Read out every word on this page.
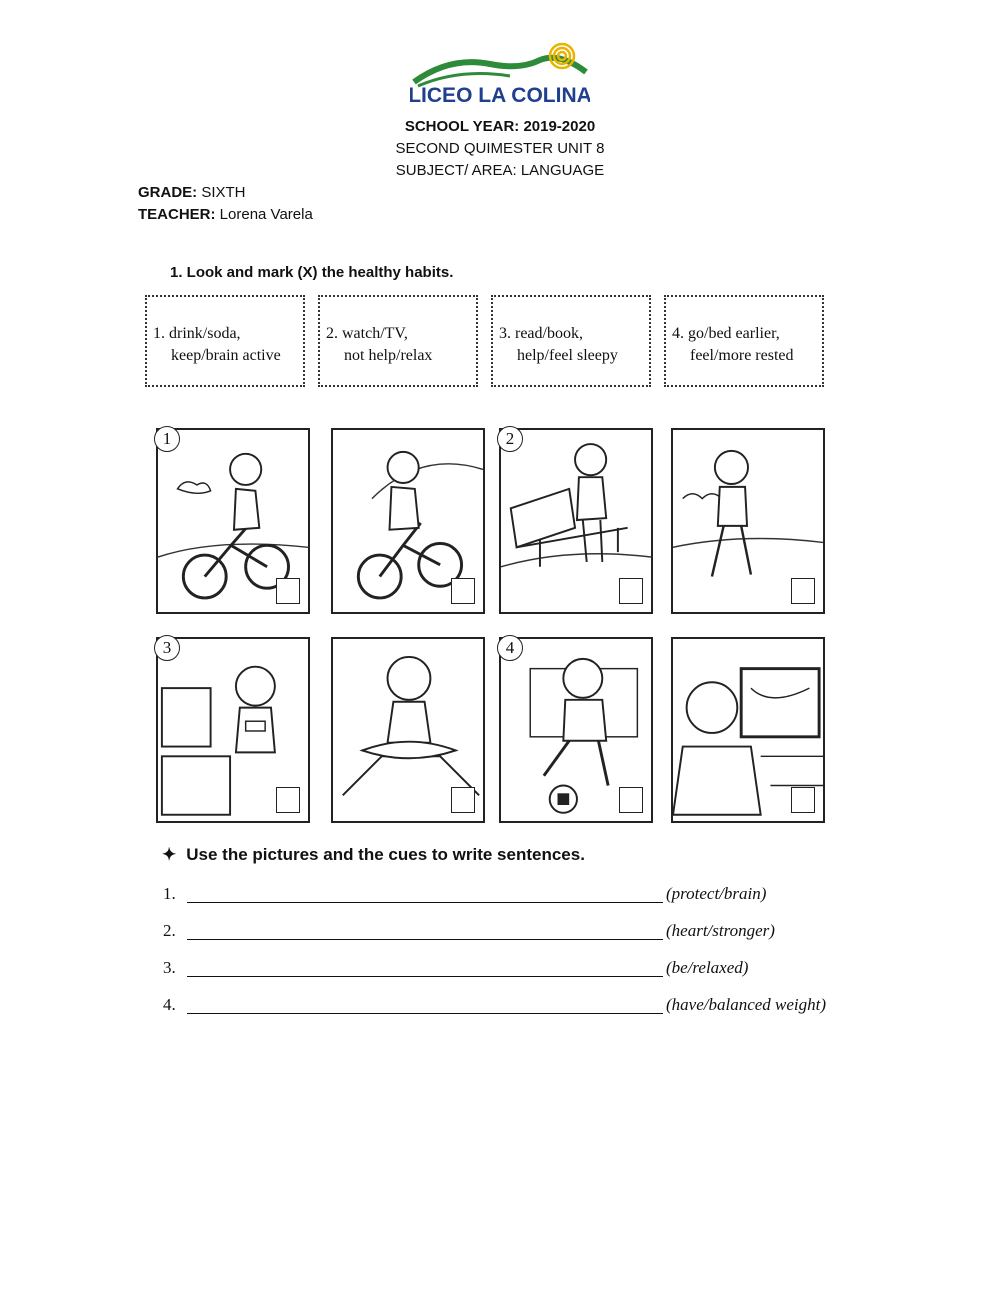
LICEO LA COLINA
SCHOOL YEAR: 2019-2020
SECOND QUIMESTER UNIT 8
SUBJECT/ AREA: LANGUAGE
GRADE: SIXTH
TEACHER: Lorena Varela
1. Look and mark (X) the healthy habits.
1. drink/soda,
keep/brain active
2. watch/TV,
not help/relax
3. read/book,
help/feel sleepy
4. go/bed earlier,
feel/more rested
1	2
3	4
✦ Use the pictures and the cues to write sentences.
1.	(protect/brain)
2.	(heart/stronger)
3.	(be/relaxed)
4.	(have/balanced weight)
